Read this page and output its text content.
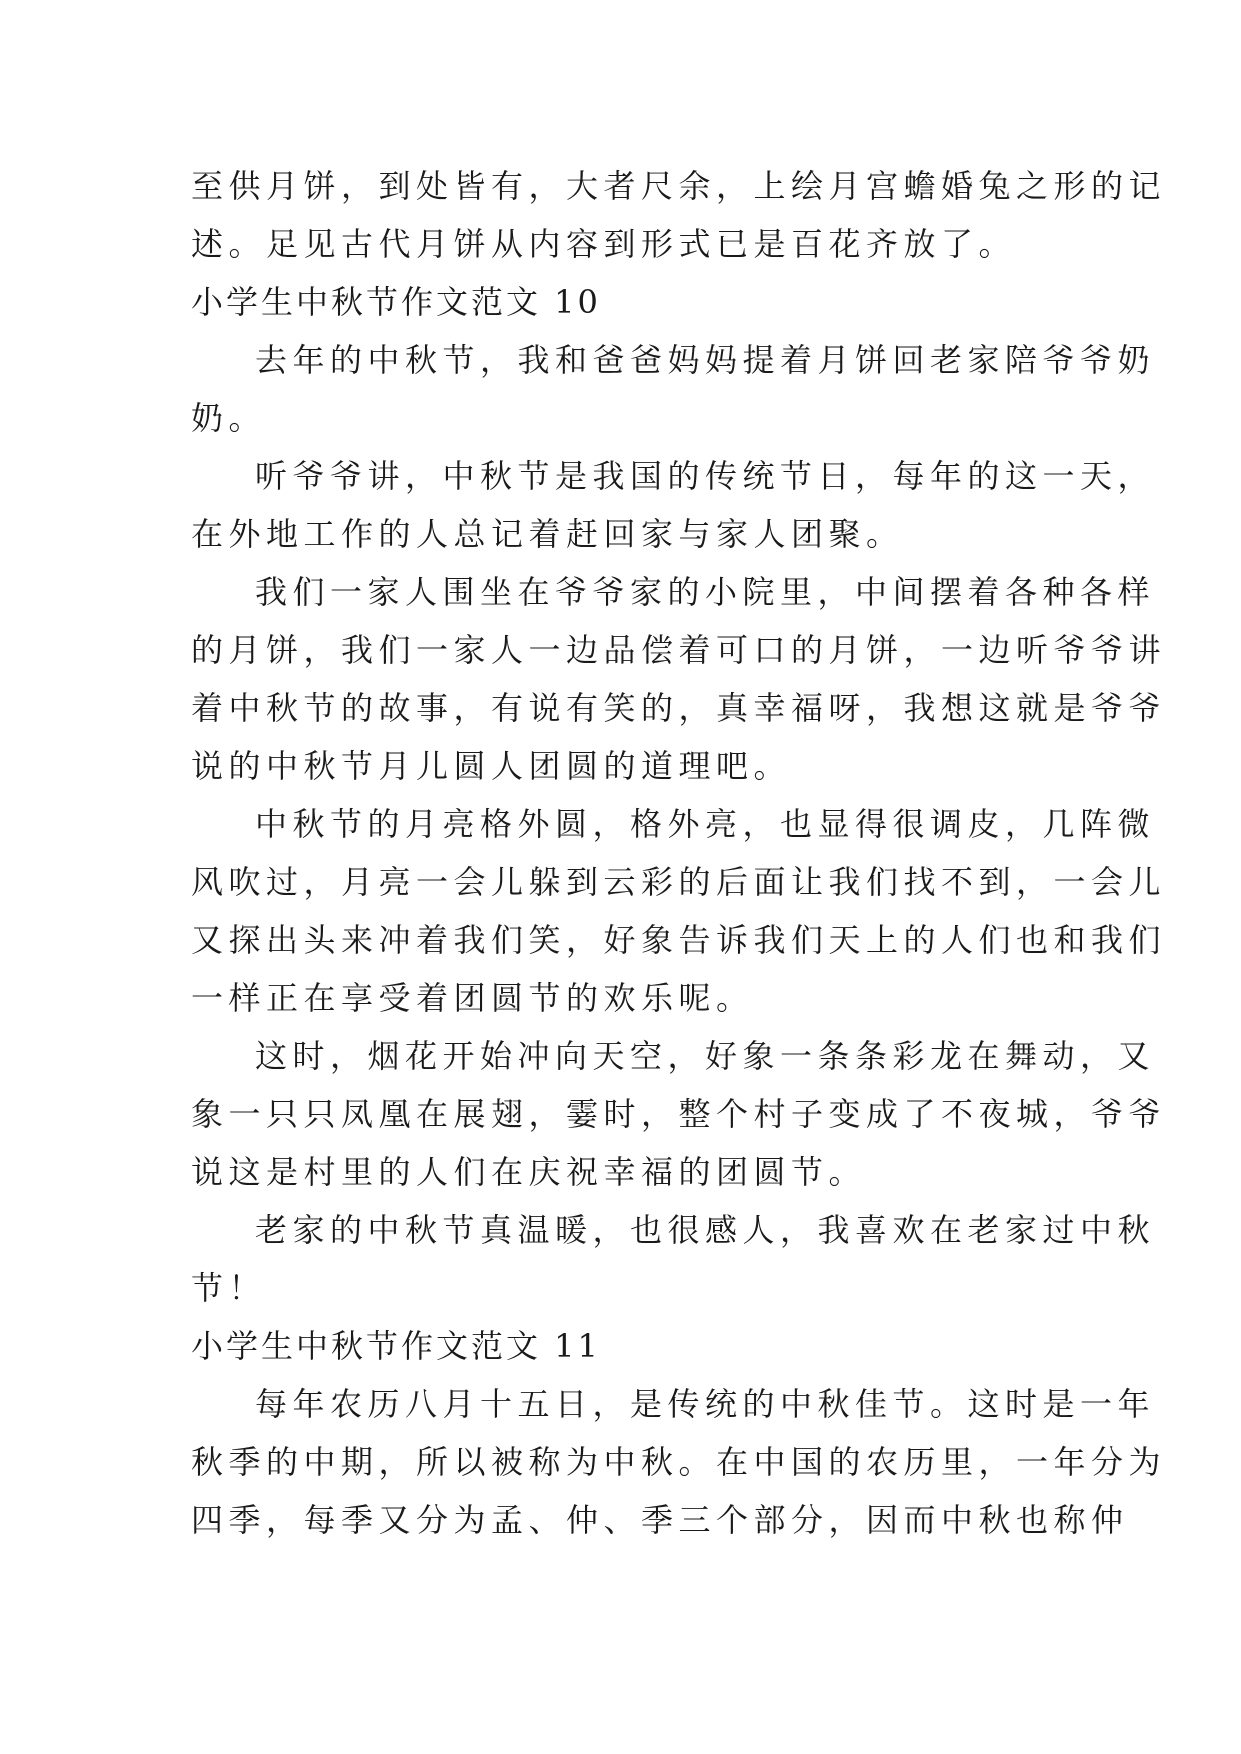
至供月饼，到处皆有，大者尺余，上绘月宫蟾婚兔之形的记
述。足见古代月饼从内容到形式已是百花齐放了。
小学生中秋节作文范文 10
去年的中秋节，我和爸爸妈妈提着月饼回老家陪爷爷奶
奶。
听爷爷讲，中秋节是我国的传统节日，每年的这一天，
在外地工作的人总记着赶回家与家人团聚。
我们一家人围坐在爷爷家的小院里，中间摆着各种各样
的月饼，我们一家人一边品偿着可口的月饼，一边听爷爷讲
着中秋节的故事，有说有笑的，真幸福呀，我想这就是爷爷
说的中秋节月儿圆人团圆的道理吧。
中秋节的月亮格外圆，格外亮，也显得很调皮，几阵微
风吹过，月亮一会儿躲到云彩的后面让我们找不到，一会儿
又探出头来冲着我们笑，好象告诉我们天上的人们也和我们
一样正在享受着团圆节的欢乐呢。
这时，烟花开始冲向天空，好象一条条彩龙在舞动，又
象一只只凤凰在展翅，霎时，整个村子变成了不夜城，爷爷
说这是村里的人们在庆祝幸福的团圆节。
老家的中秋节真温暖，也很感人，我喜欢在老家过中秋
节！
小学生中秋节作文范文 11
每年农历八月十五日，是传统的中秋佳节。这时是一年
秋季的中期，所以被称为中秋。在中国的农历里，一年分为
四季，每季又分为孟、仲、季三个部分，因而中秋也称仲
